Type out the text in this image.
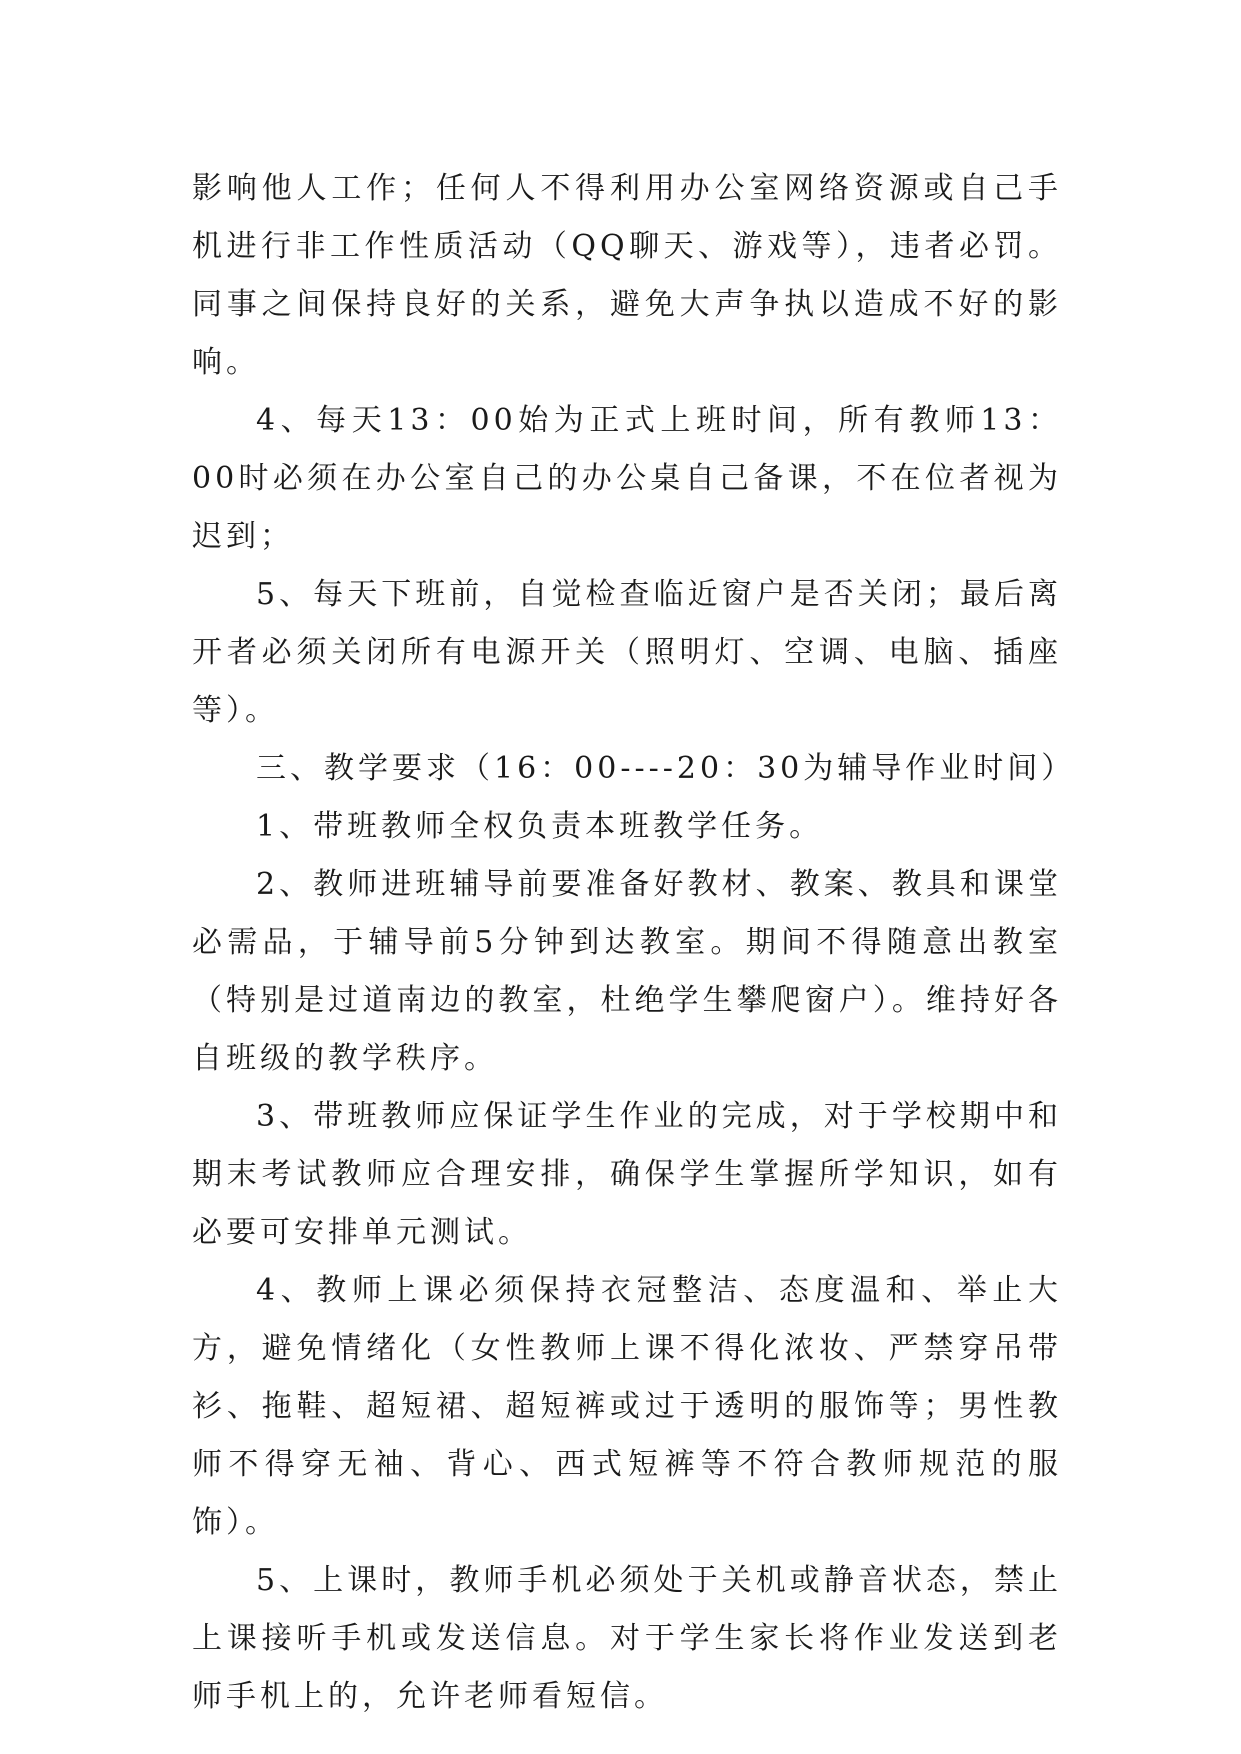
影响他人工作；任何人不得利用办公室网络资源或自己手机进行非工作性质活动（QQ聊天、游戏等），违者必罚。同事之间保持良好的关系，避免大声争执以造成不好的影响。

4、每天13：00始为正式上班时间，所有教师13：00时必须在办公室自己的办公桌自己备课，不在位者视为迟到；

5、每天下班前，自觉检查临近窗户是否关闭；最后离开者必须关闭所有电源开关（照明灯、空调、电脑、插座等）。

三、教学要求（16：00----20：30为辅导作业时间）

1、带班教师全权负责本班教学任务。

2、教师进班辅导前要准备好教材、教案、教具和课堂必需品，于辅导前5分钟到达教室。期间不得随意出教室（特别是过道南边的教室，杜绝学生攀爬窗户）。维持好各自班级的教学秩序。

3、带班教师应保证学生作业的完成，对于学校期中和期末考试教师应合理安排，确保学生掌握所学知识，如有必要可安排单元测试。

4、教师上课必须保持衣冠整洁、态度温和、举止大方，避免情绪化（女性教师上课不得化浓妆、严禁穿吊带衫、拖鞋、超短裙、超短裤或过于透明的服饰等；男性教师不得穿无袖、背心、西式短裤等不符合教师规范的服饰）。

5、上课时，教师手机必须处于关机或静音状态，禁止上课接听手机或发送信息。对于学生家长将作业发送到老师手机上的，允许老师看短信。
